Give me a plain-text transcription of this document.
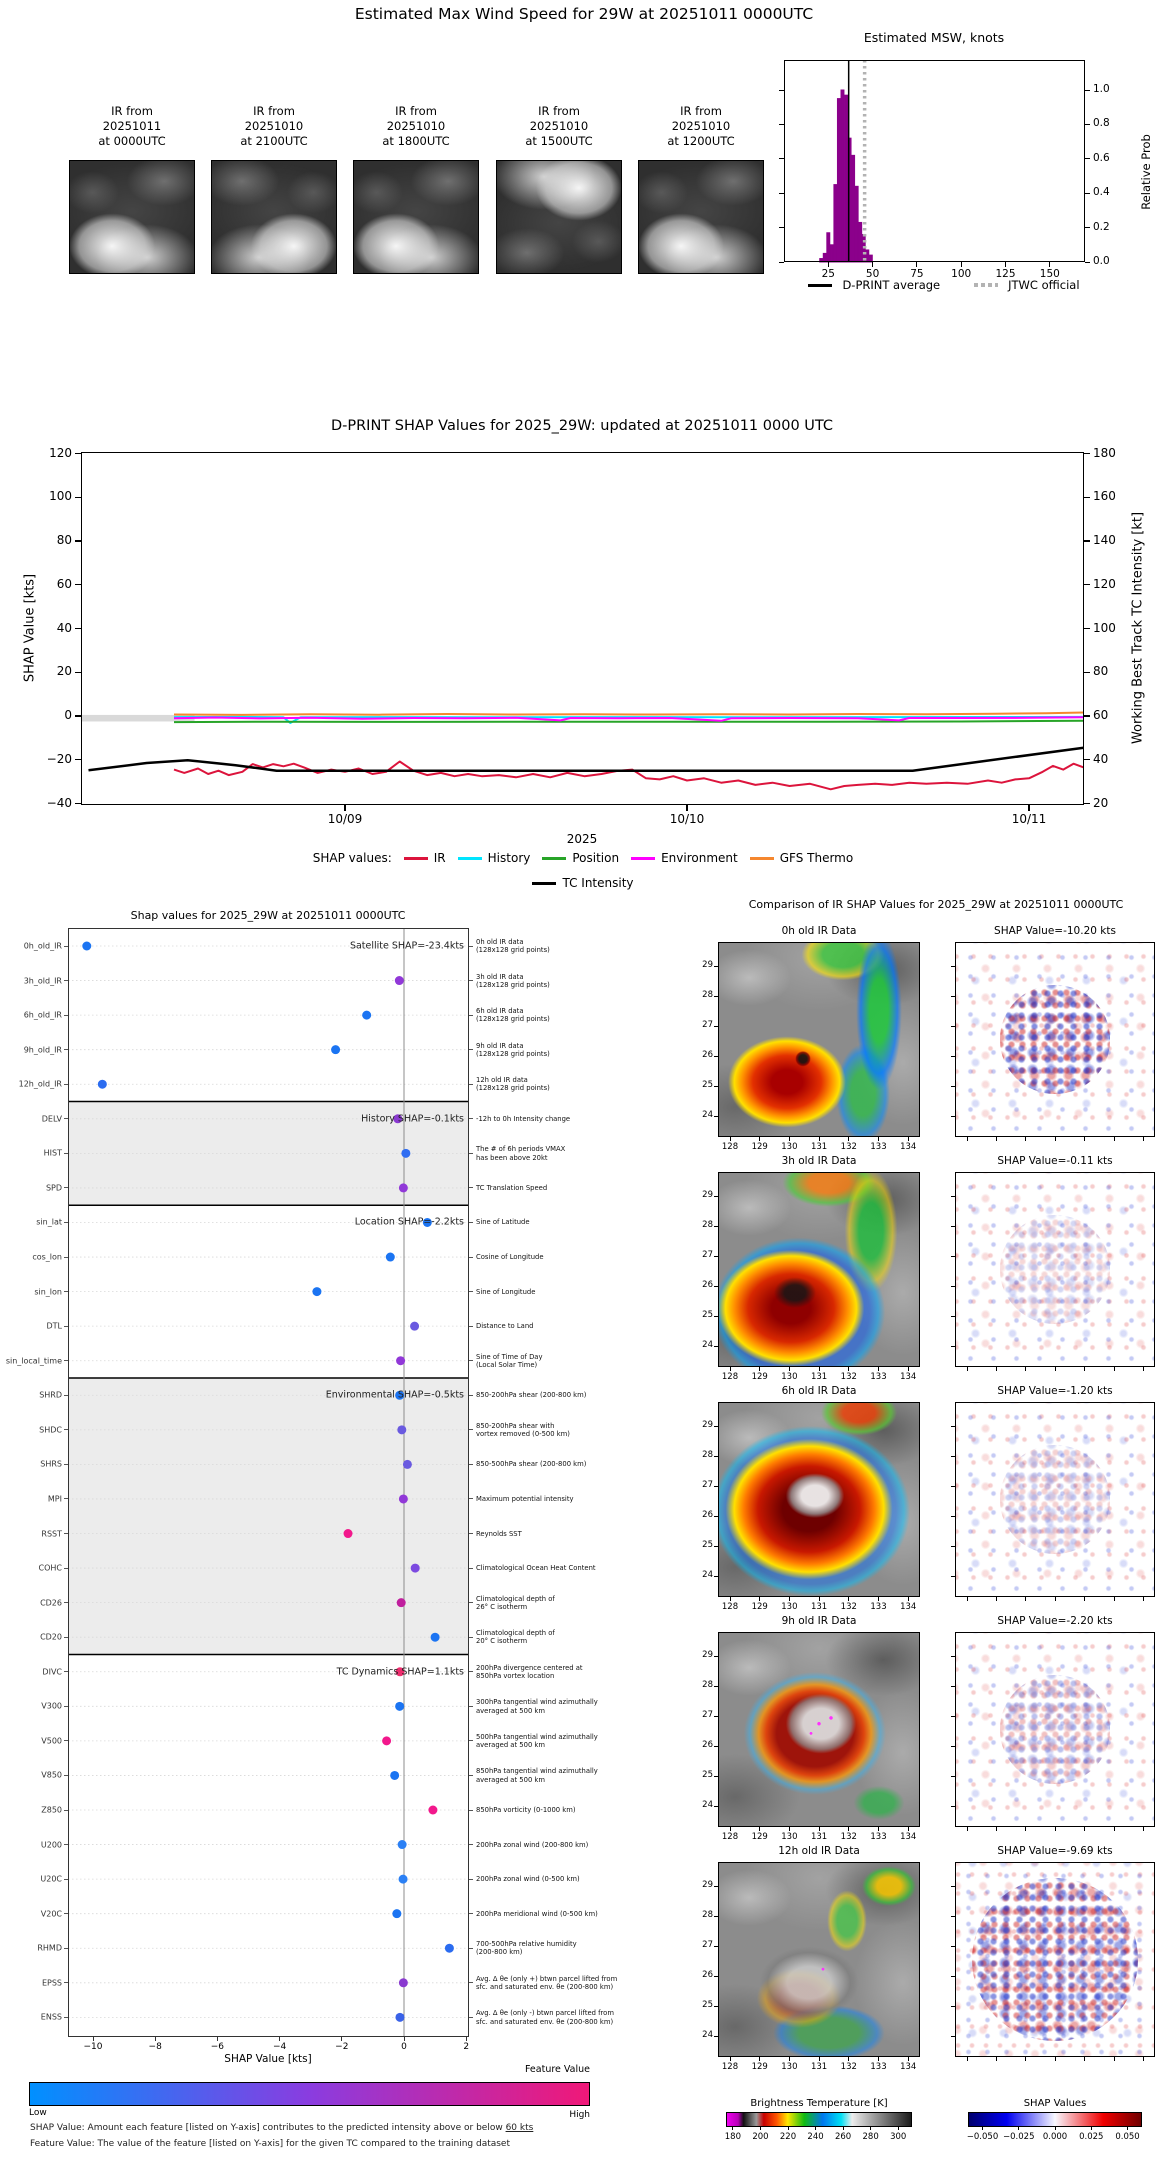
Estimated Max Wind Speed for 29W at 20251011 0000UTC
IR from
20251011
at 0000UTC
IR from
20251010
at 2100UTC
IR from
20251010
at 1800UTC
IR from
20251010
at 1500UTC
IR from
20251010
at 1200UTC
Estimated MSW, knots
Relative Prob
25	50	75	100	125	150
0.0
0.2
0.4
0.6
0.8
1.0
D-PRINT average	JTWC official
D-PRINT SHAP Values for 2025_29W: updated at 20251011 0000 UTC
SHAP Value [kts]	Working Best Track TC Intensity [kt]
120	180
100	160
80	140
60	120
40	100
20	80
0	60
−20	40
−40	20
10/09	10/10	10/11
2025
SHAP values:	IR	History	Position	Environment	GFS Thermo
TC Intensity
Shap values for 2025_29W at 20251011 0000UTC
0h_old_IR	0h old IR data
(128x128 grid points)
3h_old_IR	3h old IR data
(128x128 grid points)
6h_old_IR	6h old IR data
(128x128 grid points)
9h_old_IR	9h old IR data
(128x128 grid points)
12h_old_IR	12h old IR data
(128x128 grid points)
DELV	-12h to 0h Intensity change
HIST	The # of 6h periods VMAX
has been above 20kt
SPD	TC Translation Speed
sin_lat	Sine of Latitude
cos_lon	Cosine of Longitude
sin_lon	Sine of Longitude
DTL	Distance to Land
sin_local_time	Sine of Time of Day
(Local Solar Time)
SHRD	850-200hPa shear (200-800 km)
SHDC	850-200hPa shear with
vortex removed (0-500 km)
SHRS	850-500hPa shear (200-800 km)
MPI	Maximum potential intensity
RSST	Reynolds SST
COHC	Climatological Ocean Heat Content
CD26	Climatological depth of
26° C isotherm
CD20	Climatological depth of
20° C isotherm
DIVC	200hPa divergence centered at
850hPa vortex location
V300	300hPa tangential wind azimuthally
averaged at 500 km
V500	500hPa tangential wind azimuthally
averaged at 500 km
V850	850hPa tangential wind azimuthally
averaged at 500 km
Z850	850hPa vorticity (0-1000 km)
U200	200hPa zonal wind (200-800 km)
U20C	200hPa zonal wind (0-500 km)
V20C	200hPa meridional wind (0-500 km)
RHMD	700-500hPa relative humidity
(200-800 km)
EPSS	Avg. Δ θe (only +) btwn parcel lifted from
sfc. and saturated env. θe (200-800 km)
ENSS	Avg. Δ θe (only -) btwn parcel lifted from
sfc. and saturated env. θe (200-800 km)
Satellite SHAP=-23.4kts
History SHAP=-0.1kts
Location SHAP=-2.2kts
Environmental SHAP=-0.5kts
TC Dynamics SHAP=1.1kts
−10	−8	−6	−4	−2	0	2
SHAP Value [kts]
Feature Value
Low	High
SHAP Value: Amount each feature [listed on Y-axis] contributes to the predicted intensity above or below 60 kts
Feature Value: The value of the feature [listed on Y-axis] for the given TC compared to the training dataset
Comparison of IR SHAP Values for 2025_29W at 20251011 0000UTC
0h old IR Data	SHAP Value=-10.20 kts
29
28
27
26
25
24
128	129	130	131	132	133	134
3h old IR Data	SHAP Value=-0.11 kts
29
28
27
26
25
24
128	129	130	131	132	133	134
6h old IR Data	SHAP Value=-1.20 kts
29
28
27
26
25
24
128	129	130	131	132	133	134
9h old IR Data	SHAP Value=-2.20 kts
29
28
27
26
25
24
128	129	130	131	132	133	134
12h old IR Data	SHAP Value=-9.69 kts
29
28
27
26
25
24
128	129	130	131	132	133	134
Brightness Temperature [K]
180	200	220	240	260	280	300
SHAP Values
−0.050 −0.025 0.000	0.025	0.050
